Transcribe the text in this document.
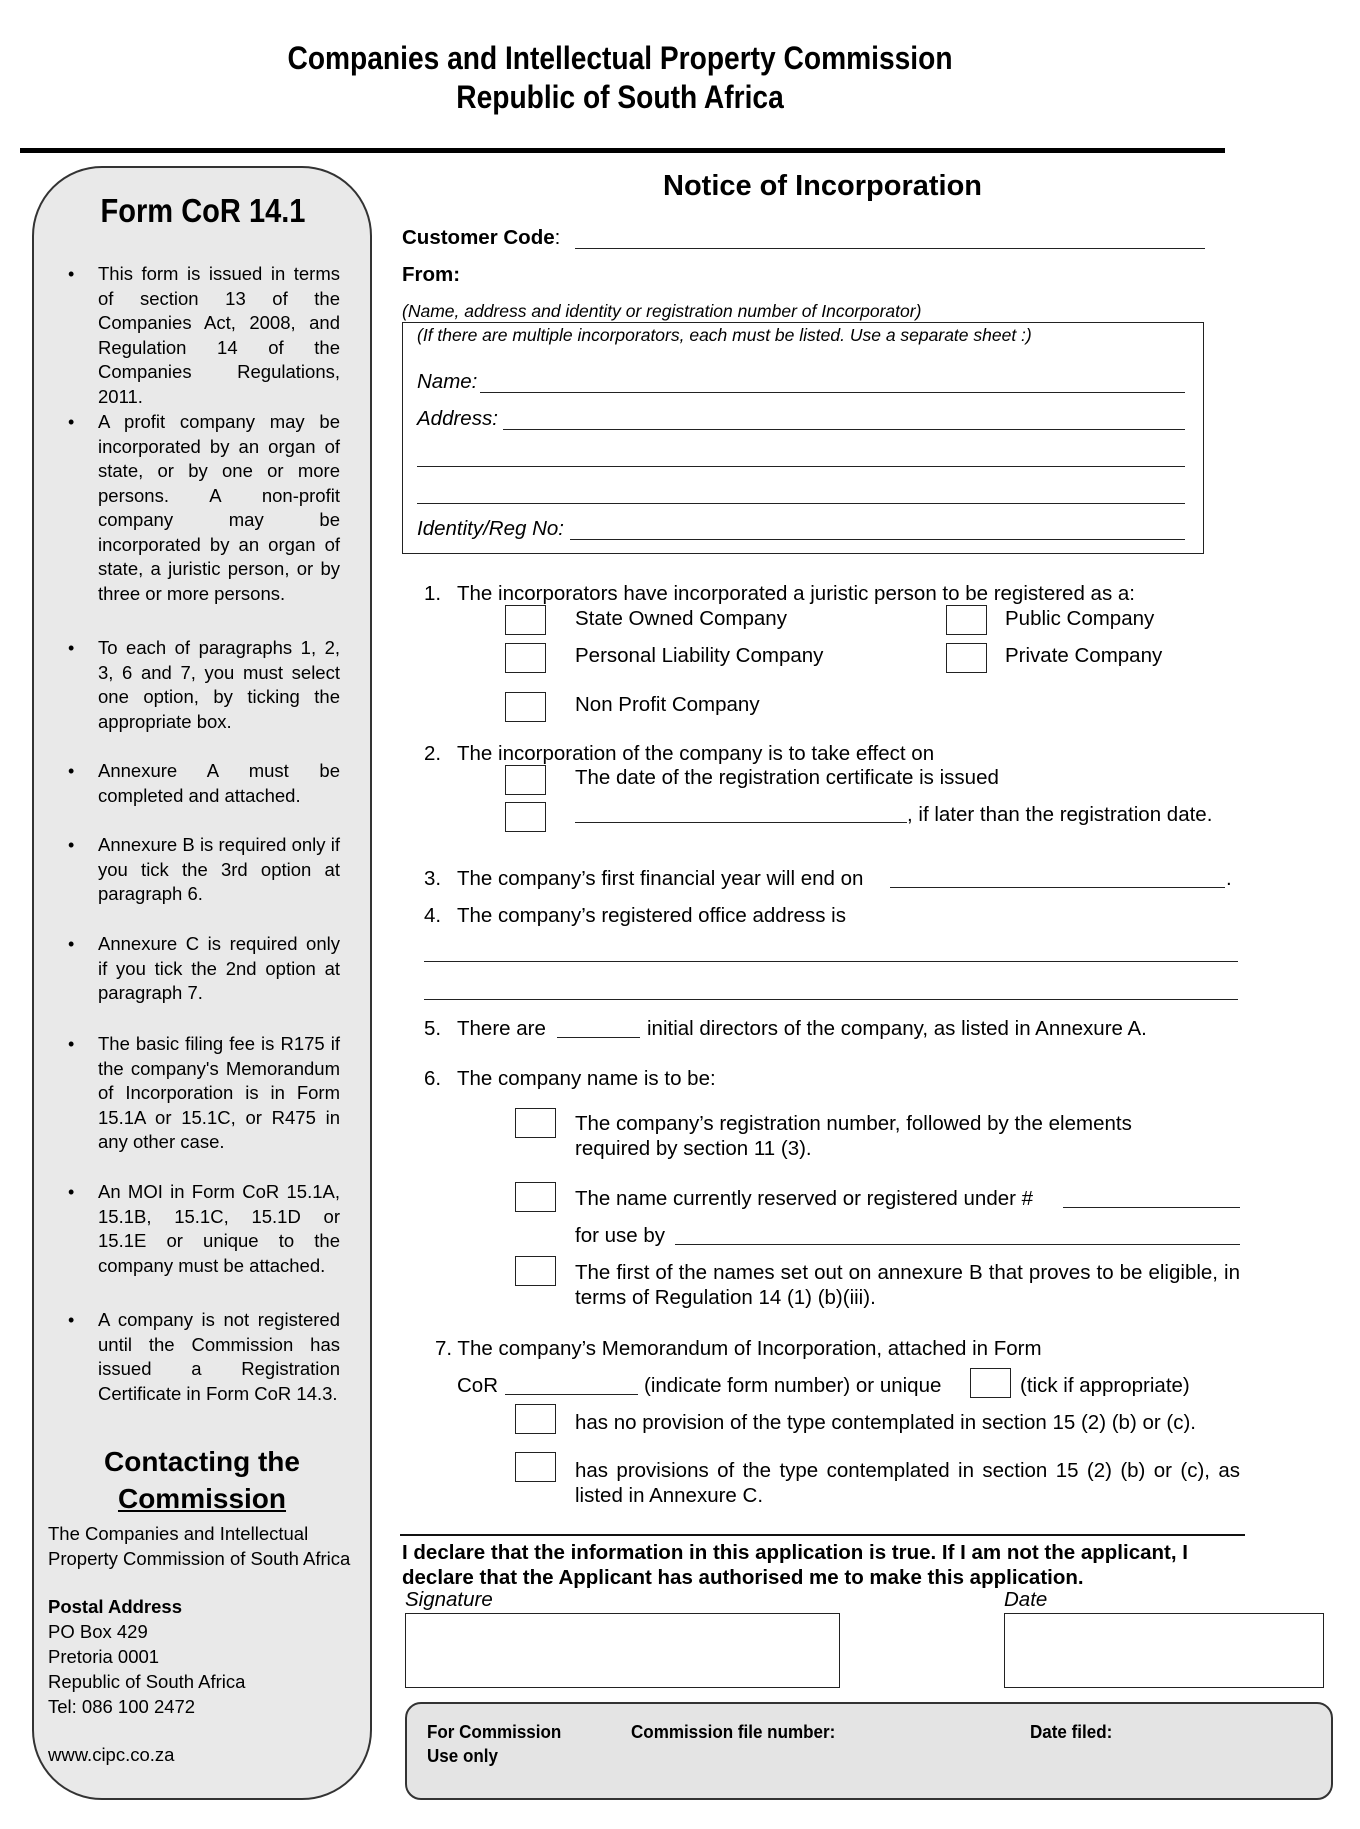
Companies and Intellectual Property Commission
Republic of South Africa
Form CoR 14.1
• This form is issued in terms of section 13 of the Companies Act, 2008, and Regulation 14 of the Companies Regulations, 2011.
• A profit company may be incorporated by an organ of state, or by one or more persons. A non-profit company may be incorporated by an organ of state, a juristic person, or by three or more persons.
• To each of paragraphs 1, 2, 3, 6 and 7, you must select one option, by ticking the appropriate box.
• Annexure A must be completed and attached.
• Annexure B is required only if you tick the 3rd option at paragraph 6.
• Annexure C is required only if you tick the 2nd option at paragraph 7.
• The basic filing fee is R175 if the company's Memorandum of Incorporation is in Form 15.1A or 15.1C, or R475 in any other case.
• An MOI in Form CoR 15.1A, 15.1B, 15.1C, 15.1D or 15.1E or unique to the company must be attached.
• A company is not registered until the Commission has issued a Registration Certificate in Form CoR 14.3.
Contacting the
Commission
The Companies and Intellectual Property Commission of South Africa
Postal Address
PO Box 429
Pretoria 0001
Republic of South Africa
Tel: 086 100 2472
www.cipc.co.za
Notice of Incorporation
Customer Code:
From:
(Name, address and identity or registration number of Incorporator)
(If there are multiple incorporators, each must be listed. Use a separate sheet :)
Name:
Address:
Identity/Reg No:
1. The incorporators have incorporated a juristic person to be registered as a:
State Owned Company	Public Company
Personal Liability Company	Private Company
Non Profit Company
2. The incorporation of the company is to take effect on
The date of the registration certificate is issued
, if later than the registration date.
3. The company’s first financial year will end on	.
4. The company’s registered office address is
5. There are	initial directors of the company, as listed in Annexure A.
6. The company name is to be:
The company’s registration number, followed by the elements required by section 11 (3).
The name currently reserved or registered under #
for use by
The first of the names set out on annexure B that proves to be eligible, in terms of Regulation 14 (1) (b)(iii).
7. The company’s Memorandum of Incorporation, attached in Form
CoR	(indicate form number) or unique	(tick if appropriate)
has no provision of the type contemplated in section 15 (2) (b) or (c).
has provisions of the type contemplated in section 15 (2) (b) or (c), as listed in Annexure C.
I declare that the information in this application is true. If I am not the applicant, I declare that the Applicant has authorised me to make this application.
Signature	Date
For Commission Use only
Commission file number:	Date filed:
